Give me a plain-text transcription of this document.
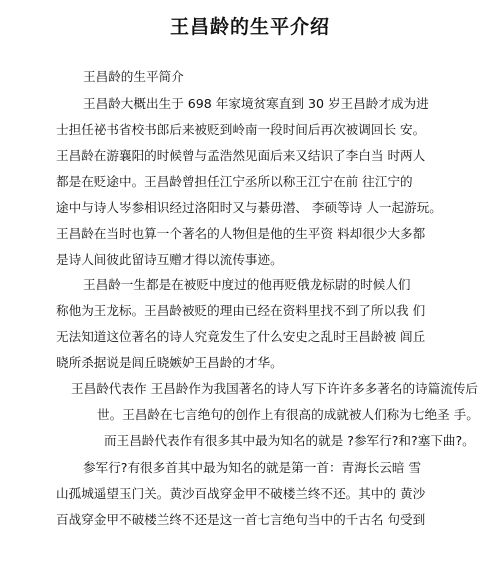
王昌龄的生平介绍
王昌龄的生平简介
王昌龄大概出生于 698 年家境贫寒直到 30 岁王昌龄才成为进
士担任祕书省校书郎后来被贬到岭南一段时间后再次被调回长 安。
王昌龄在游襄阳的时候曾与孟浩然见面后来又结识了李白当 时两人
都是在贬途中。王昌龄曾担任江宁丞所以称王江宁在前 往江宁的
途中与诗人岑参相识经过洛阳时又与綦毋潜、 李硕等诗 人一起游玩。
王昌龄在当时也算一个著名的人物但是他的生平资 料却很少大多都
是诗人间彼此留诗互赠才得以流传事迹。
王昌龄一生都是在被贬中度过的他再贬俄龙标尉的时候人们
称他为王龙标。王昌龄被贬的理由已经在资料里找不到了所以我 们
无法知道这位著名的诗人究竟发生了什么安史之乱时王昌龄被 闾丘
晓所杀据说是闾丘晓嫉妒王昌龄的才华。
王昌龄代表作 王昌龄作为我国著名的诗人写下许许多多著名的诗篇流传后
世。王昌龄在七言绝句的创作上有很高的成就被人们称为七绝圣 手。
而王昌龄代表作有很多其中最为知名的就是 ?参军行?和?塞下曲?。
参军行?有很多首其中最为知名的就是第一首：青海长云暗 雪
山孤城遥望玉门关。黄沙百战穿金甲不破楼兰终不还。其中的 黄沙
百战穿金甲不破楼兰终不还是这一首七言绝句当中的千古名 句受到
